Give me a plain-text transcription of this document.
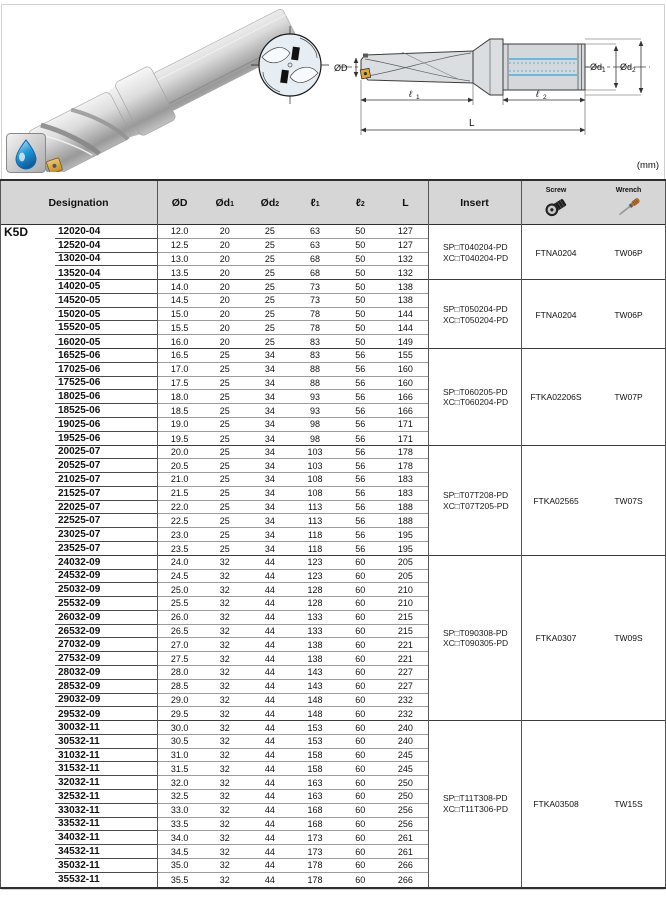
ØD	Ød 1 Ød 2
ℓ 1	ℓ 2
L
(mm)
Designation	ØD	Ød 1	Ød 2	ℓ 1	ℓ 2	L	Insert
Screw	Wrench
K5D	12020-04	12.0	20	25	63	50	127
12520-04	12.5	20	25	63	50	127
13020-04	13.0	20	25	68	50	132
13520-04	13.5	20	25	68	50	132
SP□T040204-PD
XC□T040204-PD	FTNA0204	TW06P
14020-05	14.0	20	25	73	50	138
14520-05	14.5	20	25	73	50	138
15020-05	15.0	20	25	78	50	144
15520-05	15.5	20	25	78	50	144
16020-05	16.0	20	25	83	50	149
SP□T050204-PD
XC□T050204-PD	FTNA0204	TW06P
16525-06	16.5	25	34	83	56	155
17025-06	17.0	25	34	88	56	160
17525-06	17.5	25	34	88	56	160
18025-06	18.0	25	34	93	56	166
18525-06	18.5	25	34	93	56	166
19025-06	19.0	25	34	98	56	171
19525-06	19.5	25	34	98	56	171
SP□T060205-PD
XC□T060204-PD	FTKA02206S	TW07P
20025-07	20.0	25	34	103	56	178
20525-07	20.5	25	34	103	56	178
21025-07	21.0	25	34	108	56	183
21525-07	21.5	25	34	108	56	183
22025-07	22.0	25	34	113	56	188
22525-07	22.5	25	34	113	56	188
23025-07	23.0	25	34	118	56	195
23525-07	23.5	25	34	118	56	195
SP□T07T208-PD
XC□T07T205-PD	FTKA02565	TW07S
24032-09	24.0	32	44	123	60	205
24532-09	24.5	32	44	123	60	205
25032-09	25.0	32	44	128	60	210
25532-09	25.5	32	44	128	60	210
26032-09	26.0	32	44	133	60	215
26532-09	26.5	32	44	133	60	215
27032-09	27.0	32	44	138	60	221
27532-09	27.5	32	44	138	60	221
28032-09	28.0	32	44	143	60	227
28532-09	28.5	32	44	143	60	227
29032-09	29.0	32	44	148	60	232
29532-09	29.5	32	44	148	60	232
SP□T090308-PD
XC□T090305-PD	FTKA0307	TW09S
30032-11	30.0	32	44	153	60	240
30532-11	30.5	32	44	153	60	240
31032-11	31.0	32	44	158	60	245
31532-11	31.5	32	44	158	60	245
32032-11	32.0	32	44	163	60	250
32532-11	32.5	32	44	163	60	250
33032-11	33.0	32	44	168	60	256
33532-11	33.5	32	44	168	60	256
34032-11	34.0	32	44	173	60	261
34532-11	34.5	32	44	173	60	261
35032-11	35.0	32	44	178	60	266
35532-11	35.5	32	44	178	60	266
SP□T11T308-PD
XC□T11T306-PD	FTKA03508	TW15S
